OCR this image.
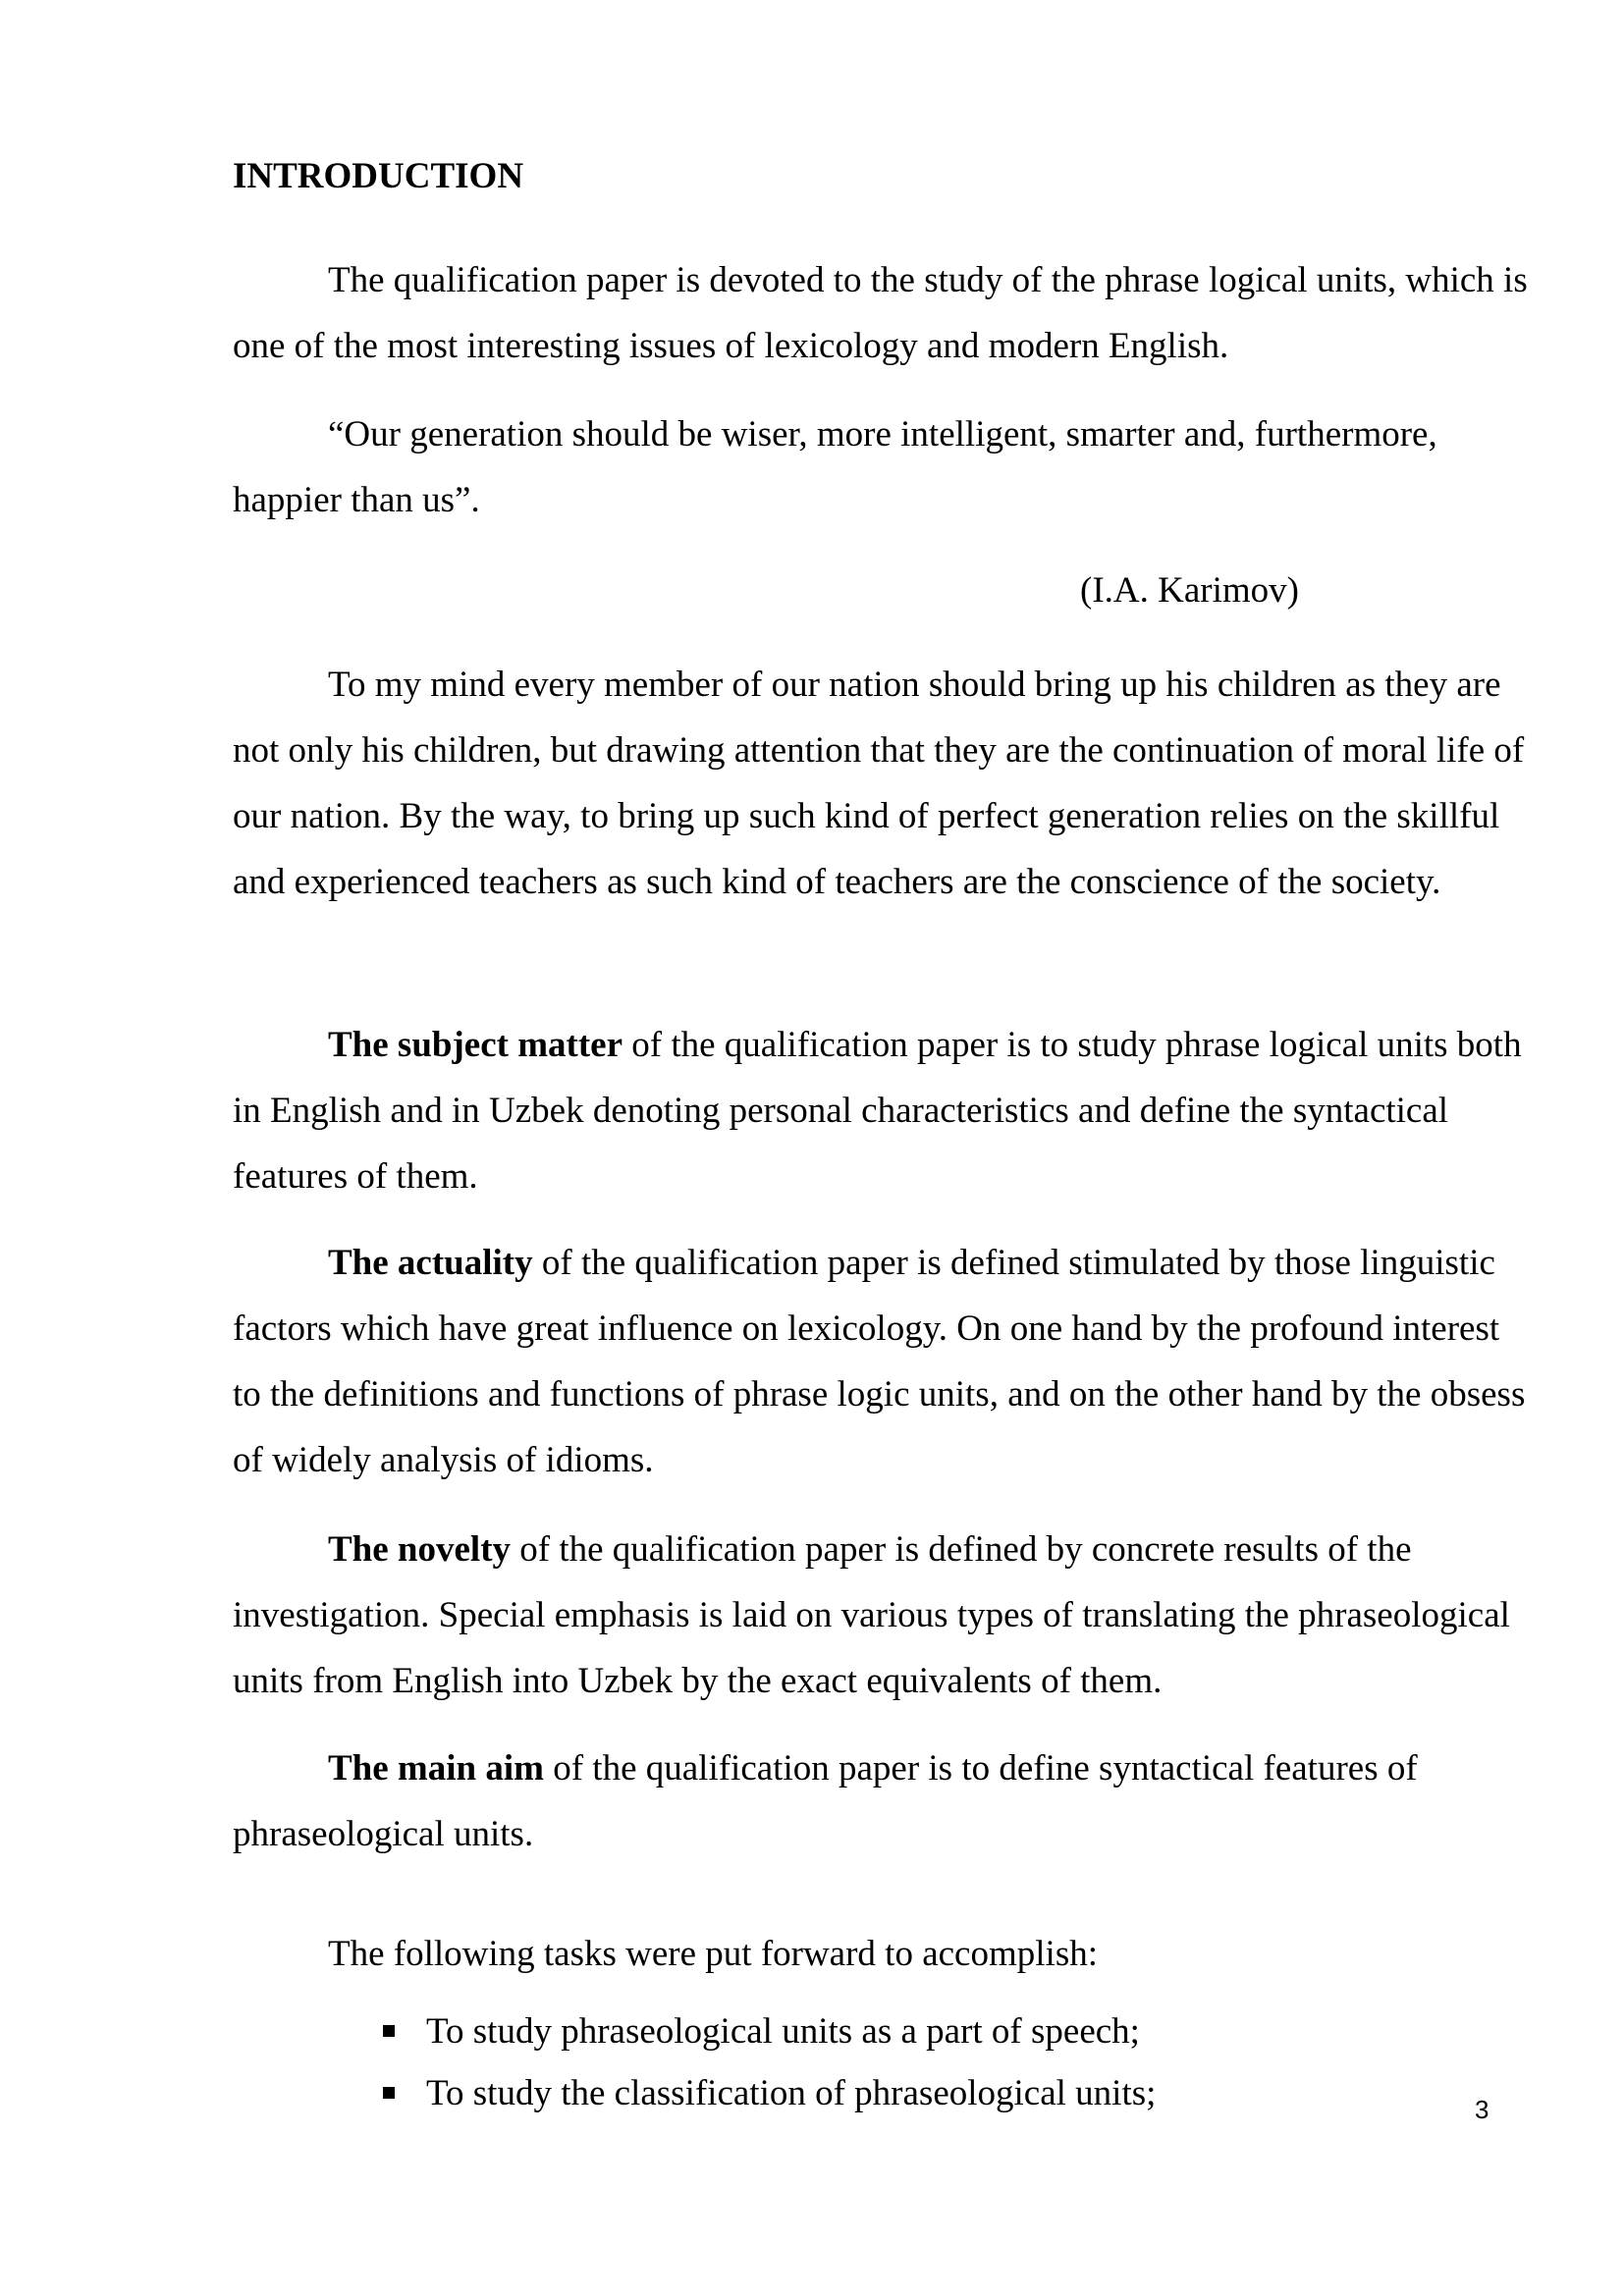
INTRODUCTION

The qualification paper is devoted to the study of the phrase logical units, which is one of the most interesting issues of lexicology and modern English.

“Our generation should be wiser, more intelligent, smarter and, furthermore, happier than us”.

(I.A. Karimov)

To my mind every member of our nation should bring up his children as they are not only his children, but drawing attention that they are the continuation of moral life of our nation. By the way, to bring up such kind of perfect generation relies on the skillful and experienced teachers as such kind of teachers are the conscience of the society.

The subject matter of the qualification paper is to study phrase logical units both in English and in Uzbek denoting personal characteristics and define the syntactical features of them.

The actuality of the qualification paper is defined stimulated by those linguistic factors which have great influence on lexicology. On one hand by the profound interest to the definitions and functions of phrase logic units, and on the other hand by the obsess of widely analysis of idioms.

The novelty of the qualification paper is defined by concrete results of the investigation. Special emphasis is laid on various types of translating the phraseological units from English into Uzbek by the exact equivalents of them.

The main aim of the qualification paper is to define syntactical features of phraseological units.

The following tasks were put forward to accomplish:

To study phraseological units as a part of speech;
To study the classification of phraseological units;	3
